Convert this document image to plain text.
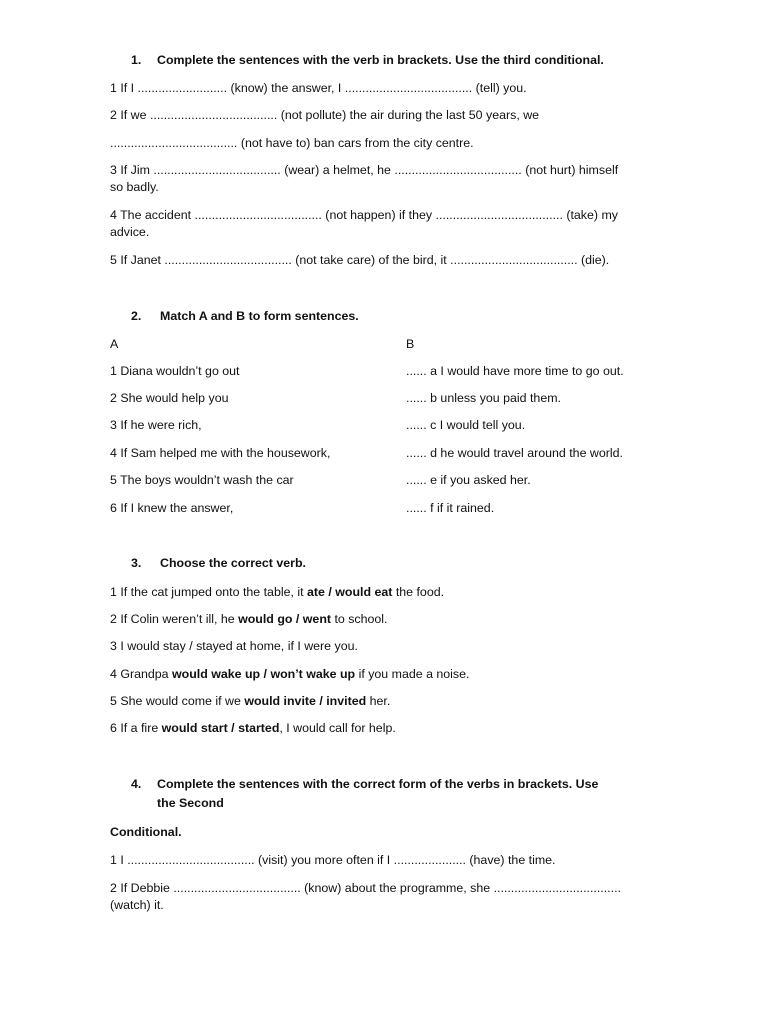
1. Complete the sentences with the verb in brackets. Use the third conditional.
1 If I .......................... (know) the answer, I ..................................... (tell) you.
2 If we ..................................... (not pollute) the air during the last 50 years, we
..................................... (not have to) ban cars from the city centre.
3 If Jim ..................................... (wear) a helmet, he ..................................... (not hurt) himself
so badly.
4 The accident ..................................... (not happen) if they ..................................... (take) my
advice.
5 If Janet ..................................... (not take care) of the bird, it ..................................... (die).
2. Match A and B to form sentences.
A	B
1 Diana wouldn’t go out	...... a I would have more time to go out.
2 She would help you	...... b unless you paid them.
3 If he were rich,	...... c I would tell you.
4 If Sam helped me with the housework,	...... d he would travel around the world.
5 The boys wouldn’t wash the car	...... e if you asked her.
6 If I knew the answer,	...... f if it rained.
3. Choose the correct verb.
1 If the cat jumped onto the table, it ate / would eat the food.
2 If Colin weren’t ill, he would go / went to school.
3 I would stay / stayed at home, if I were you.
4 Grandpa would wake up / won’t wake up if you made a noise.
5 She would come if we would invite / invited her.
6 If a fire would start / started, I would call for help.
4. Complete the sentences with the correct form of the verbs in brackets. Use
the Second
Conditional.
1 I ..................................... (visit) you more often if I ..................... (have) the time.
2 If Debbie ..................................... (know) about the programme, she .....................................
(watch) it.
